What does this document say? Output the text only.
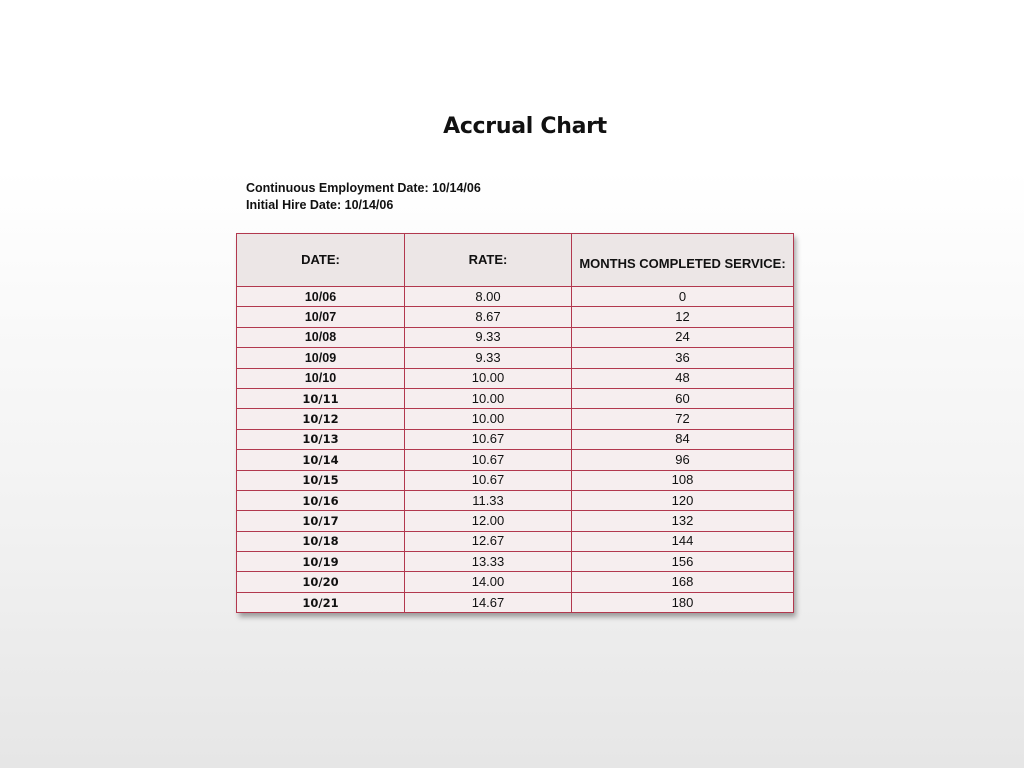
Accrual Chart
Continuous Employment Date: 10/14/06
Initial Hire Date: 10/14/06
DATE:	RATE:	MONTHS COMPLETED SERVICE:

10/06	8.00	0
10/07	8.67	12
10/08	9.33	24
10/09	9.33	36
10/10	10.00	48
10/11	10.00	60
10/12	10.00	72
10/13	10.67	84
10/14	10.67	96
10/15	10.67	108
10/16	11.33	120
10/17	12.00	132
10/18	12.67	144
10/19	13.33	156
10/20	14.00	168
10/21	14.67	180
